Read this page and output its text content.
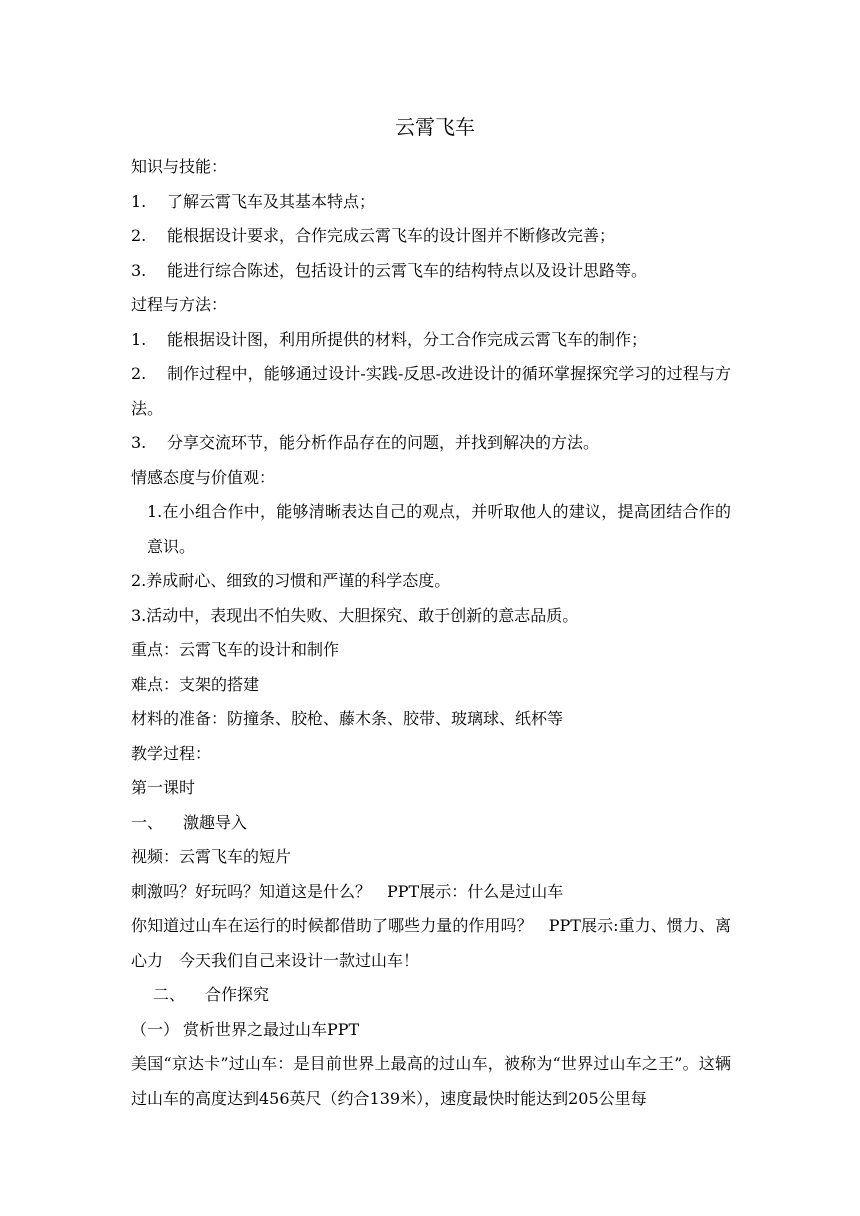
云霄飞车
知识与技能：
1. 了解云霄飞车及其基本特点；
2. 能根据设计要求，合作完成云霄飞车的设计图并不断修改完善；
3. 能进行综合陈述，包括设计的云霄飞车的结构特点以及设计思路等。
过程与方法：
1. 能根据设计图，利用所提供的材料，分工合作完成云霄飞车的制作；
2. 制作过程中，能够通过设计-实践-反思-改进设计的循环掌握探究学习的过程与方法。
3. 分享交流环节，能分析作品存在的问题，并找到解决的方法。
情感态度与价值观：
1.在小组合作中，能够清晰表达自己的观点，并听取他人的建议，提高团结合作的意识。
2.养成耐心、细致的习惯和严谨的科学态度。
3.活动中，表现出不怕失败、大胆探究、敢于创新的意志品质。
重点：云霄飞车的设计和制作
难点：支架的搭建
材料的准备：防撞条、胶枪、藤木条、胶带、玻璃球、纸杯等
教学过程：
第一课时
一、 激趣导入
视频：云霄飞车的短片
刺激吗？好玩吗？知道这是什么？　PPT展示：什么是过山车
你知道过山车在运行的时候都借助了哪些力量的作用吗？　PPT展示:重力、惯力、离心力　今天我们自己来设计一款过山车！
二、 合作探究
（一） 赏析世界之最过山车PPT
美国“京达卡”过山车：是目前世界上最高的过山车，被称为“世界过山车之王”。这辆过山车的高度达到456英尺（约合139米），速度最快时能达到205公里每
